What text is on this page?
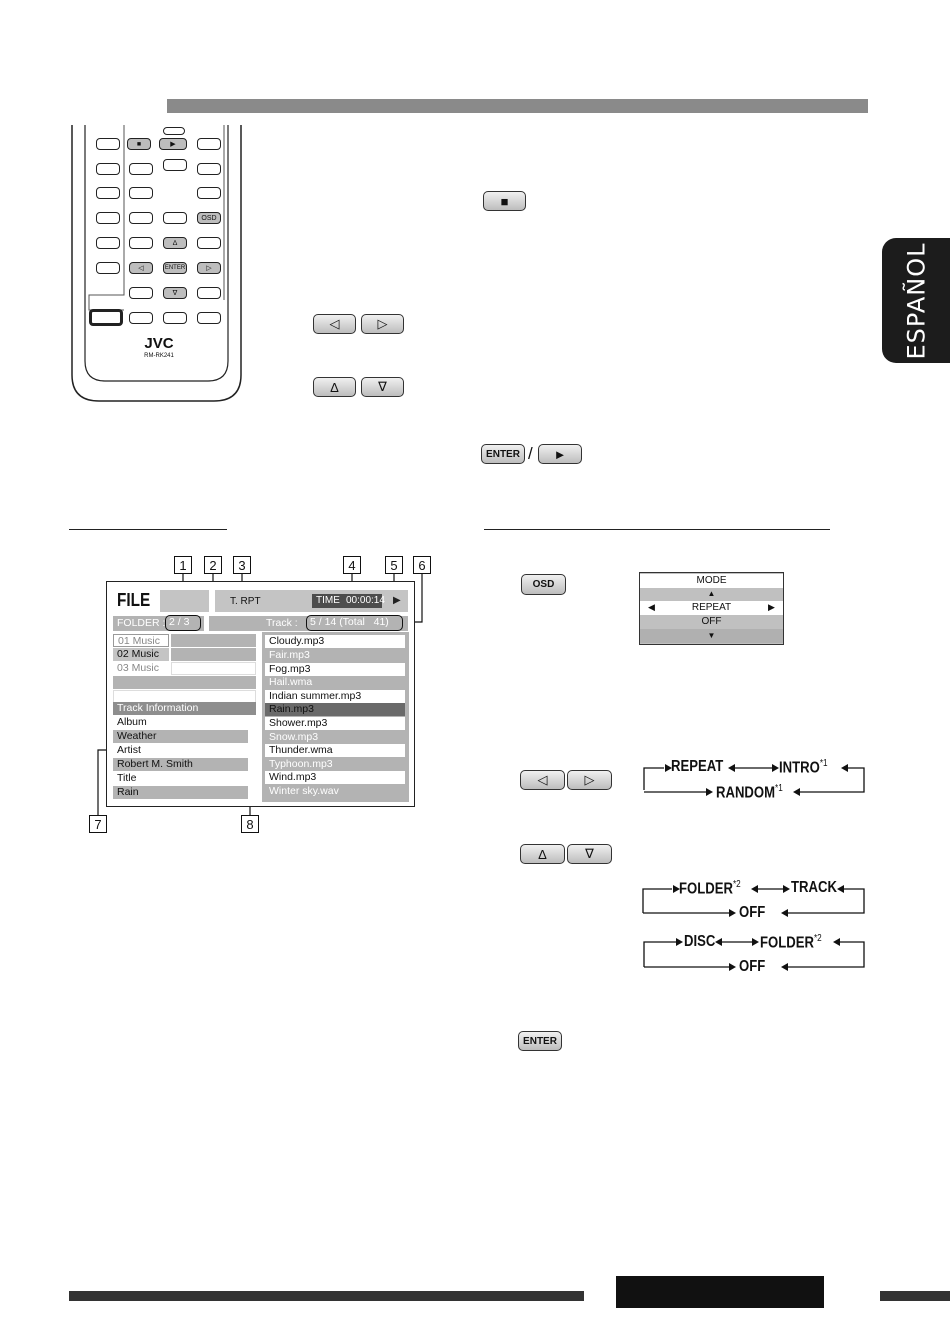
ESPAÑOL
■	▶
OSD
∆
◁	ENTER	▷
∇
JVC
RM-RK241
◁	▷
∆	∇
■
ENTER /	►
1	2	3	4	5	6
7	8
FILE	T. RPT	TIME 00:00:14 ▶
FOLDER : 2 / 3	Track :	5 / 14 (Total   41)
01 Music
02 Music
03 Music
Track Information
Album
Weather
Artist
Robert M. Smith
Title
Rain
Cloudy.mp3
Fair.mp3
Fog.mp3
Hail.wma
Indian summer.mp3
Rain.mp3
Shower.mp3
Snow.mp3
Thunder.wma
Typhoon.mp3
Wind.mp3
Winter sky.wav
OSD	MODE
▲
◀	REPEAT	▶
OFF
▼
◁	▷
REPEAT	INTRO$^{*1}$
RANDOM$^{*1}$
∆	∇
FOLDER$^{*2}$	TRACK
OFF
DISC	FOLDER$^{*2}$
OFF
ENTER
